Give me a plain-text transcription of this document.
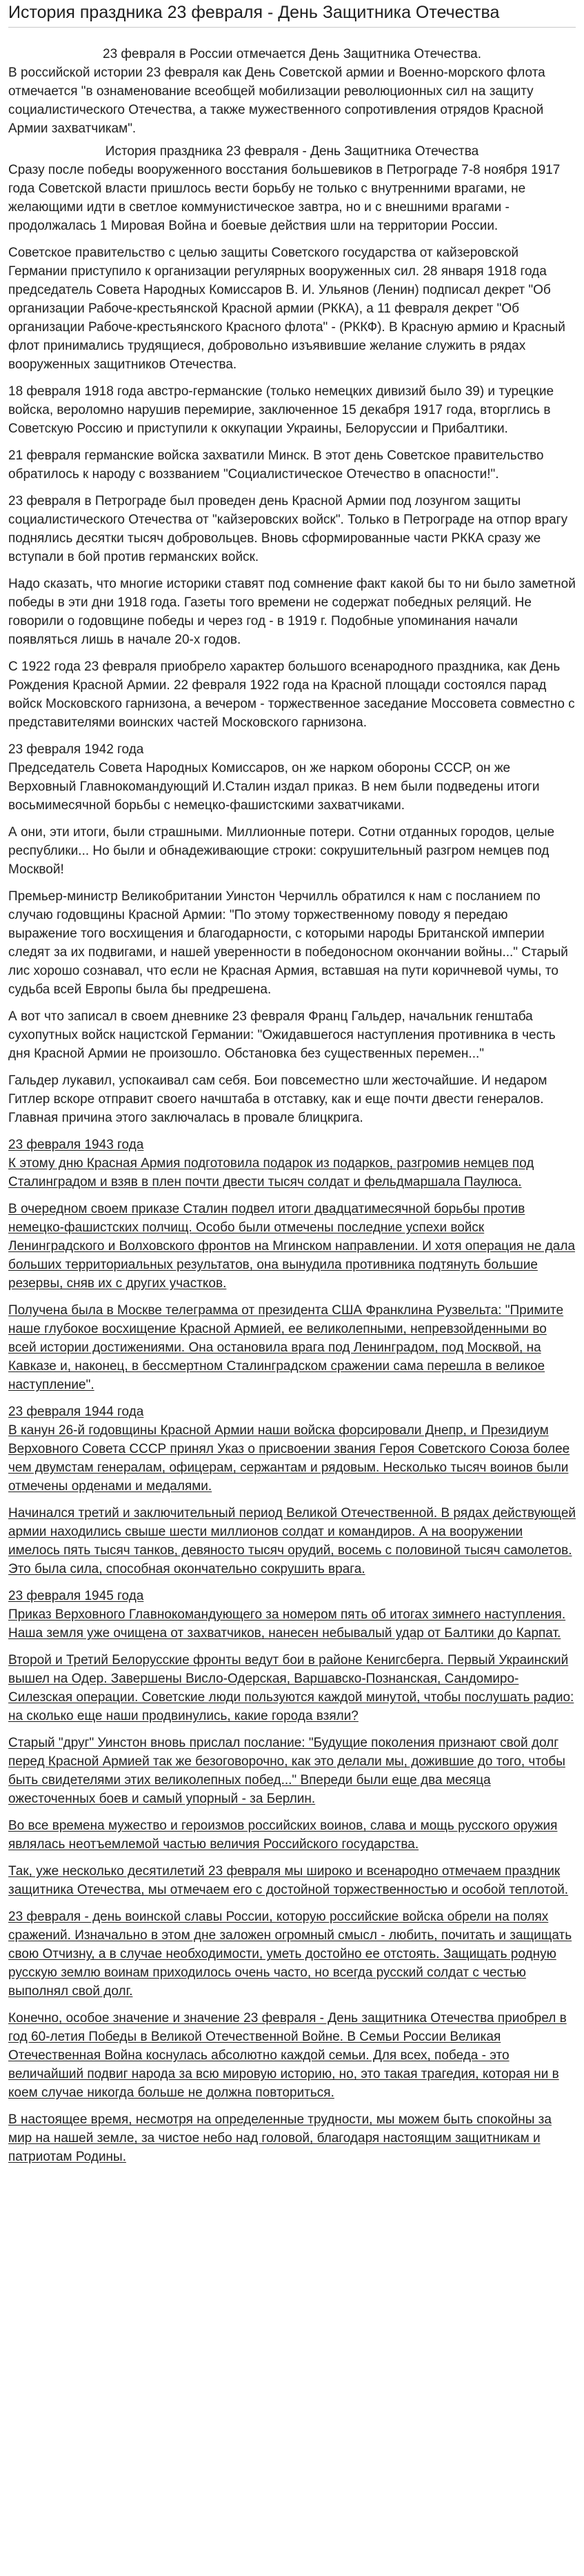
История праздника 23 февраля - День Защитника Отечества

23 февраля в России отмечается День Защитника Отечества.

В российской истории 23 февраля как День Советской армии и Военно-морского флота отмечается "в ознаменование всеобщей мобилизации революционных сил на защиту социалистического Отечества, а также мужественного сопротивления отрядов Красной Армии захватчикам".

История праздника 23 февраля - День Защитника Отечества

Сразу после победы вооруженного восстания большевиков в Петрограде 7-8 ноября 1917 года Советской власти пришлось вести борьбу не только с внутренними врагами, не желающими идти в светлое коммунистическое завтра, но и с внешними врагами - продолжалась 1 Мировая Война и боевые действия шли на территории России.

Советское правительство с целью защиты Советского государства от кайзеровской Германии приступило к организации регулярных вооруженных сил. 28 января 1918 года председатель Совета Народных Комиссаров В. И. Ульянов (Ленин) подписал декрет "Об организации Рабоче-крестьянской Красной армии (РККА), а 11 февраля декрет "Об организации Рабоче-крестьянского Красного флота" - (РККФ). В Красную армию и Красный флот принимались трудящиеся, добровольно изъявившие желание служить в рядах вооруженных защитников Отечества.

18 февраля 1918 года австро-германские (только немецких дивизий было 39) и турецкие войска, вероломно нарушив перемирие, заключенное 15 декабря 1917 года, вторглись в Советскую Россию и приступили к оккупации Украины, Белоруссии и Прибалтики.

21 февраля германские войска захватили Минск. В этот день Советское правительство обратилось к народу с воззванием "Социалистическое Отечество в опасности!".

23 февраля в Петрограде был проведен день Красной Армии под лозунгом защиты социалистического Отечества от "кайзеровских войск". Только в Петрограде на отпор врагу поднялись десятки тысяч добровольцев. Вновь сформированные части РККА сразу же вступали в бой против германских войск.

Надо сказать, что многие историки ставят под сомнение факт какой бы то ни было заметной победы в эти дни 1918 года. Газеты того времени не содержат победных реляций. Не говорили о годовщине победы и через год - в 1919 г. Подобные упоминания начали появляться лишь в начале 20-х годов.

С 1922 года 23 февраля приобрело характер большого всенародного праздника, как День Рождения Красной Армии. 22 февраля 1922 года на Красной площади состоялся парад войск Московского гарнизона, а вечером - торжественное заседание Моссовета совместно с представителями воинских частей Московского гарнизона.

23 февраля 1942 года

Председатель Совета Народных Комиссаров, он же нарком обороны СССР, он же Верховный Главнокомандующий И.Сталин издал приказ. В нем были подведены итоги восьмимесячной борьбы с немецко-фашистскими захватчиками.

А они, эти итоги, были страшными. Миллионные потери. Сотни отданных городов, целые республики... Но были и обнадеживающие строки: сокрушительный разгром немцев под Москвой!

Премьер-министр Великобритании Уинстон Черчилль обратился к нам с посланием по случаю годовщины Красной Армии: "По этому торжественному поводу я передаю выражение того восхищения и благодарности, с которыми народы Британской империи следят за их подвигами, и нашей уверенности в победоносном окончании войны..." Старый лис хорошо сознавал, что если не Красная Армия, вставшая на пути коричневой чумы, то судьба всей Европы была бы предрешена.

А вот что записал в своем дневнике 23 февраля Франц Гальдер, начальник генштаба сухопутных войск нацистской Германии: "Ожидавшегося наступления противника в честь дня Красной Армии не произошло. Обстановка без существенных перемен..."

Гальдер лукавил, успокаивал сам себя. Бои повсеместно шли жесточайшие. И недаром Гитлер вскоре отправит своего начштаба в отставку, как и еще почти двести генералов. Главная причина этого заключалась в провале блицкрига.

23 февраля 1943 года

К этому дню Красная Армия подготовила подарок из подарков, разгромив немцев под Сталинградом и взяв в плен почти двести тысяч солдат и фельдмаршала Паулюса.

В очередном своем приказе Сталин подвел итоги двадцатимесячной борьбы против немецко-фашистских полчищ. Особо были отмечены последние успехи войск Ленинградского и Волховского фронтов на Мгинском направлении. И хотя операция не дала больших территориальных результатов, она вынудила противника подтянуть большие резервы, сняв их с других участков.

Получена была в Москве телеграмма от президента США Франклина Рузвельта: "Примите наше глубокое восхищение Красной Армией, ее великолепными, непревзойденными во всей истории достижениями. Она остановила врага под Ленинградом, под Москвой, на Кавказе и, наконец, в бессмертном Сталинградском сражении сама перешла в великое наступление".

23 февраля 1944 года

В канун 26-й годовщины Красной Армии наши войска форсировали Днепр, и Президиум Верховного Совета СССР принял Указ о присвоении звания Героя Советского Союза более чем двумстам генералам, офицерам, сержантам и рядовым. Несколько тысяч воинов были отмечены орденами и медалями.

Начинался третий и заключительный период Великой Отечественной. В рядах действующей армии находились свыше шести миллионов солдат и командиров. А на вооружении имелось пять тысяч танков, девяносто тысяч орудий, восемь с половиной тысяч самолетов. Это была сила, способная окончательно сокрушить врага.

23 февраля 1945 года

Приказ Верховного Главнокомандующего за номером пять об итогах зимнего наступления. Наша земля уже очищена от захватчиков, нанесен небывалый удар от Балтики до Карпат.

Второй и Третий Белорусские фронты ведут бои в районе Кенигсберга. Первый Украинский вышел на Одер. Завершены Висло-Одерская, Варшавско-Познанская, Сандомиро-Силезская операции. Советские люди пользуются каждой минутой, чтобы послушать радио: на сколько еще наши продвинулись, какие города взяли?

Старый "друг" Уинстон вновь прислал послание: "Будущие поколения признают свой долг перед Красной Армией так же безоговорочно, как это делали мы, дожившие до того, чтобы быть свидетелями этих великолепных побед..." Впереди были еще два месяца ожесточенных боев и самый упорный - за Берлин.

Во все времена мужество и героизмов российских воинов, слава и мощь русского оружия являлась неотъемлемой частью величия Российского государства.

Так, уже несколько десятилетий 23 февраля мы широко и всенародно отмечаем праздник защитника Отечества, мы отмечаем его с достойной торжественностью и особой теплотой.

23 февраля - день воинской славы России, которую российские войска обрели на полях сражений. Изначально в этом дне заложен огромный смысл - любить, почитать и защищать свою Отчизну, а в случае необходимости, уметь достойно ее отстоять. Защищать родную русскую землю воинам приходилось очень часто, но всегда русский солдат с честью выполнял свой долг.

Конечно, особое значение и значение 23 февраля - День защитника Отечества приобрел в год 60-летия Победы в Великой Отечественной Войне. В Семьи России Великая Отечественная Война коснулась абсолютно каждой семьи. Для всех, победа - это величайший подвиг народа за всю мировую историю, но, это такая трагедия, которая ни в коем случае никогда больше не должна повториться.

В настоящее время, несмотря на определенные трудности, мы можем быть спокойны за мир на нашей земле, за чистое небо над головой, благодаря настоящим защитникам и патриотам Родины.
